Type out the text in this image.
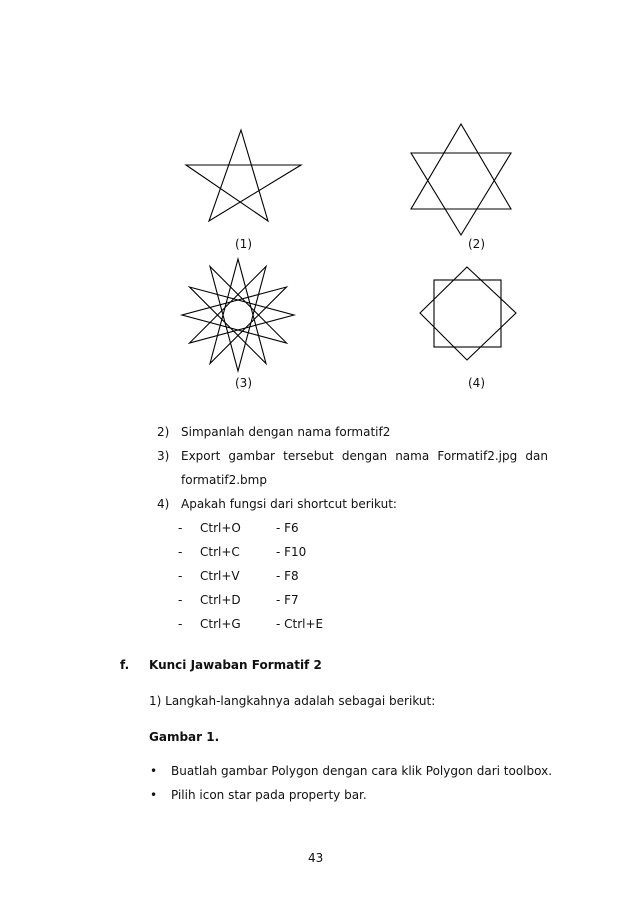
(1)	(2)
(3)	(4)
2) Simpanlah dengan nama formatif2
3) Export gambar tersebut dengan nama Formatif2.jpg dan
formatif2.bmp
4) Apakah fungsi dari shortcut berikut:
- Ctrl+O	- F6
- Ctrl+C	- F10
- Ctrl+V	- F8
- Ctrl+D	- F7
- Ctrl+G	- Ctrl+E
f. Kunci Jawaban Formatif 2
1) Langkah-langkahnya adalah sebagai berikut:
Gambar 1.
• Buatlah gambar Polygon dengan cara klik Polygon dari toolbox.
• Pilih icon star pada property bar.
43
